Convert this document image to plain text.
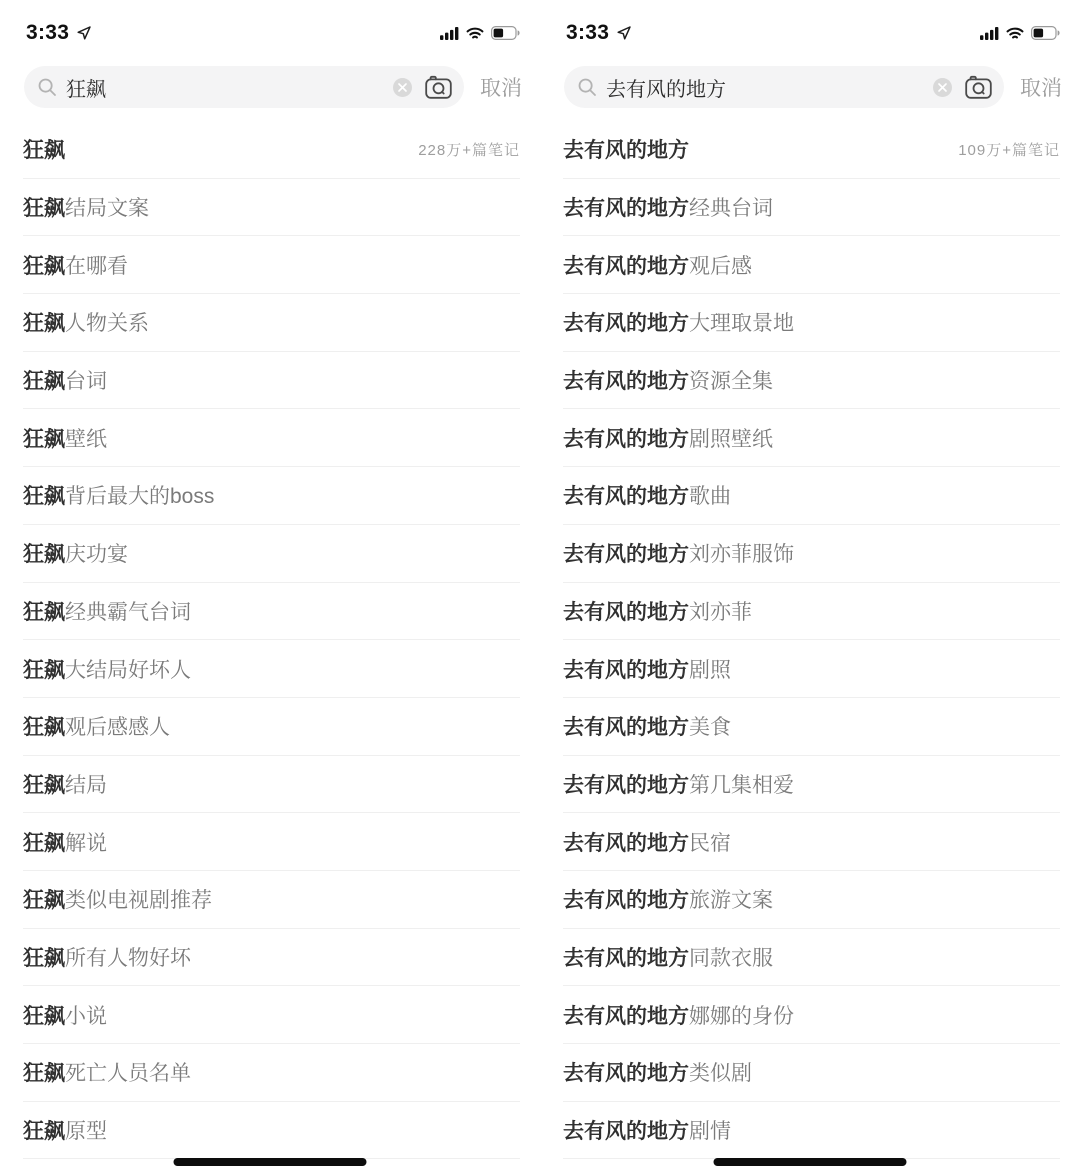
3:33
狂飙	取消
狂飙	228万+篇笔记
狂飙结局文案
狂飙在哪看
狂飙人物关系
狂飙台词
狂飙壁纸
狂飙背后最大的boss
狂飙庆功宴
狂飙经典霸气台词
狂飙大结局好坏人
狂飙观后感感人
狂飙结局
狂飙解说
狂飙类似电视剧推荐
狂飙所有人物好坏
狂飙小说
狂飙死亡人员名单
狂飙原型
3:33
去有风的地方	取消
去有风的地方	109万+篇笔记
去有风的地方经典台词
去有风的地方观后感
去有风的地方大理取景地
去有风的地方资源全集
去有风的地方剧照壁纸
去有风的地方歌曲
去有风的地方刘亦菲服饰
去有风的地方刘亦菲
去有风的地方剧照
去有风的地方美食
去有风的地方第几集相爱
去有风的地方民宿
去有风的地方旅游文案
去有风的地方同款衣服
去有风的地方娜娜的身份
去有风的地方类似剧
去有风的地方剧情
